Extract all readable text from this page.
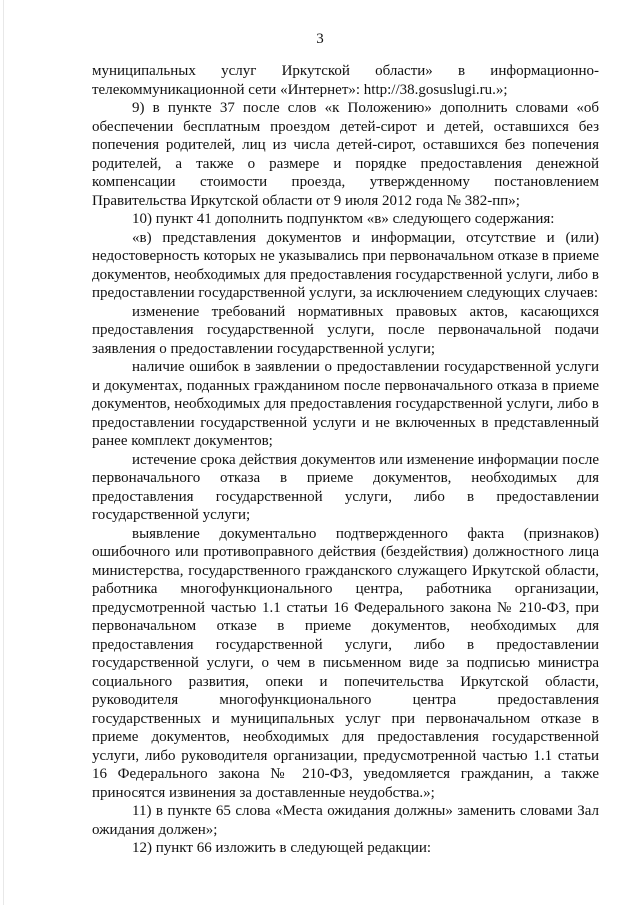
3

муниципальных услуг Иркутской области» в информационно-телекоммуникационной сети «Интернет»: http://38.gosuslugi.ru.»;

9) в пункте 37 после слов «к Положению» дополнить словами «об обеспечении бесплатным проездом детей-сирот и детей, оставшихся без попечения родителей, лиц из числа детей-сирот, оставшихся без попечения родителей, а также о размере и порядке предоставления денежной компенсации стоимости проезда, утвержденному постановлением Правительства Иркутской области от 9 июля 2012 года № 382-пп»;

10) пункт 41 дополнить подпунктом «в» следующего содержания:

«в) представления документов и информации, отсутствие и (или) недостоверность которых не указывались при первоначальном отказе в приеме документов, необходимых для предоставления государственной услуги, либо в предоставлении государственной услуги, за исключением следующих случаев:

изменение требований нормативных правовых актов, касающихся предоставления государственной услуги, после первоначальной подачи заявления о предоставлении государственной услуги;

наличие ошибок в заявлении о предоставлении государственной услуги и документах, поданных гражданином после первоначального отказа в приеме документов, необходимых для предоставления государственной услуги, либо в предоставлении государственной услуги и не включенных в представленный ранее комплект документов;

истечение срока действия документов или изменение информации после первоначального отказа в приеме документов, необходимых для предоставления государственной услуги, либо в предоставлении государственной услуги;

выявление документально подтвержденного факта (признаков) ошибочного или противоправного действия (бездействия) должностного лица министерства, государственного гражданского служащего Иркутской области, работника многофункционального центра, работника организации, предусмотренной частью 1.1 статьи 16 Федерального закона № 210-ФЗ, при первоначальном отказе в приеме документов, необходимых для предоставления государственной услуги, либо в предоставлении государственной услуги, о чем в письменном виде за подписью министра социального развития, опеки и попечительства Иркутской области, руководителя многофункционального центра предоставления государственных и муниципальных услуг при первоначальном отказе в приеме документов, необходимых для предоставления государственной услуги, либо руководителя организации, предусмотренной частью 1.1 статьи 16 Федерального закона № 210-ФЗ, уведомляется гражданин, а также приносятся извинения за доставленные неудобства.»;

11) в пункте 65 слова «Места ожидания должны» заменить словами Зал ожидания должен»;

12) пункт 66 изложить в следующей редакции:
